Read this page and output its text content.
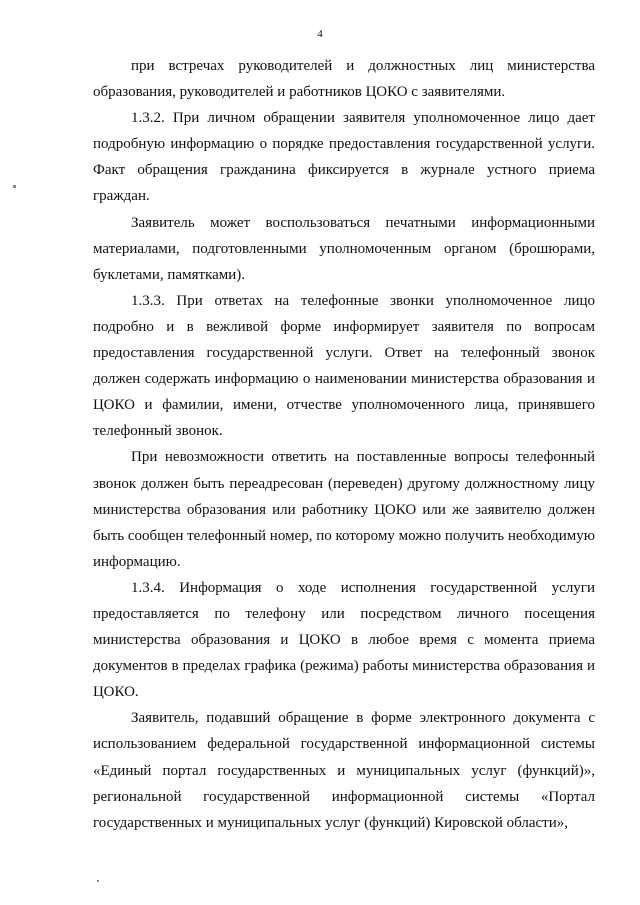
4

при встречах руководителей и должностных лиц министерства образования, руководителей и работников ЦОКО с заявителями.

1.3.2. При личном обращении заявителя уполномоченное лицо дает подробную информацию о порядке предоставления государственной услуги. Факт обращения гражданина фиксируется в журнале устного приема граждан.

Заявитель может воспользоваться печатными информационными материалами, подготовленными уполномоченным органом (брошюрами, буклетами, памятками).

1.3.3. При ответах на телефонные звонки уполномоченное лицо подробно и в вежливой форме информирует заявителя по вопросам предоставления государственной услуги. Ответ на телефонный звонок должен содержать информацию о наименовании министерства образования и ЦОКО и фамилии, имени, отчестве уполномоченного лица, принявшего телефонный звонок.

При невозможности ответить на поставленные вопросы телефонный звонок должен быть переадресован (переведен) другому должностному лицу министерства образования или работнику ЦОКО или же заявителю должен быть сообщен телефонный номер, по которому можно получить необходимую информацию.

1.3.4. Информация о ходе исполнения государственной услуги предоставляется по телефону или посредством личного посещения министерства образования и ЦОКО в любое время с момента приема документов в пределах графика (режима) работы министерства образования и ЦОКО.

Заявитель, подавший обращение в форме электронного документа с использованием федеральной государственной информационной системы «Единый портал государственных и муниципальных услуг (функций)», региональной государственной информационной системы «Портал государственных и муниципальных услуг (функций) Кировской области»,
